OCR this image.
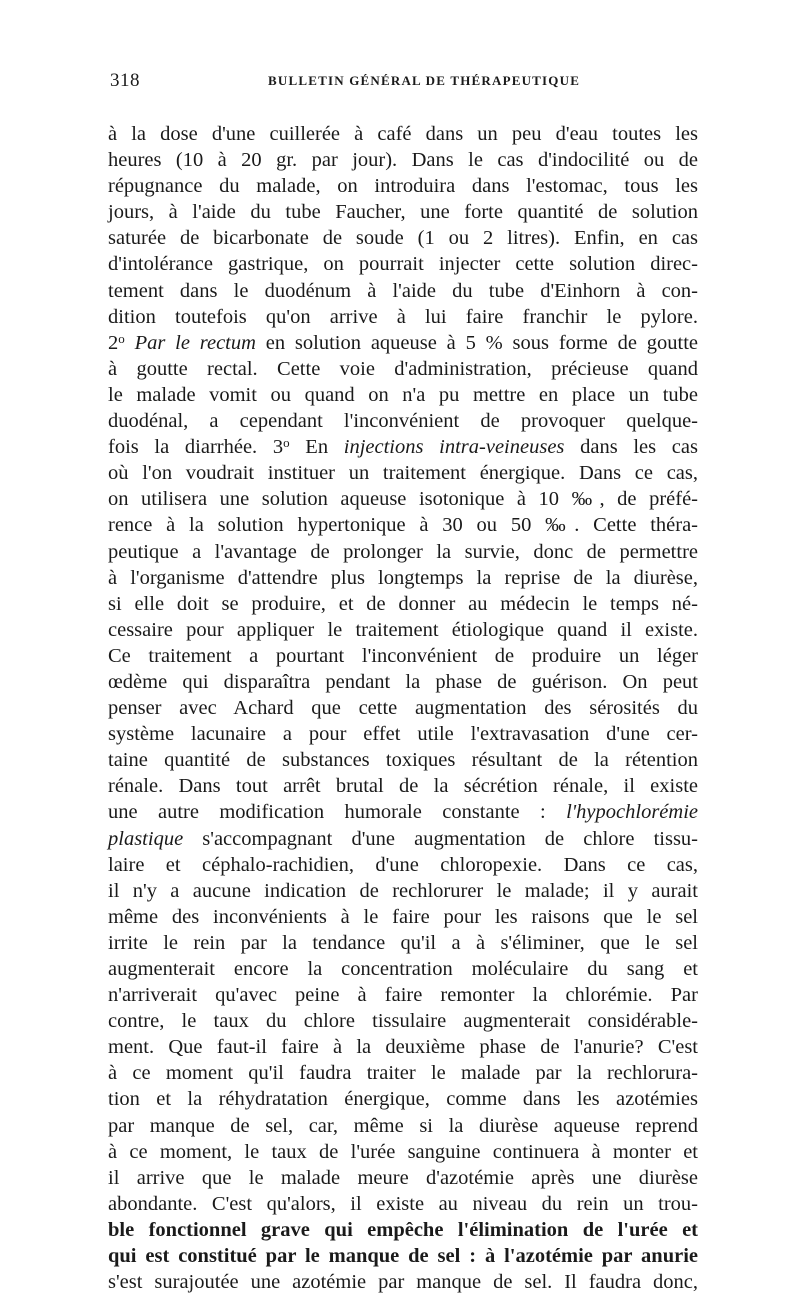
318	BULLETIN GÉNÉRAL DE THÉRAPEUTIQUE
à la dose d'une cuillerée à café dans un peu d'eau toutes les
heures (10 à 20 gr. par jour). Dans le cas d'indocilité ou de
répugnance du malade, on introduira dans l'estomac, tous les
jours, à l'aide du tube Faucher, une forte quantité de solution
saturée de bicarbonate de soude (1 ou 2 litres). Enfin, en cas
d'intolérance gastrique, on pourrait injecter cette solution direc-
tement dans le duodénum à l'aide du tube d'Einhorn à con-
dition toutefois qu'on arrive à lui faire franchir le pylore.
2$^o$ Par le rectum en solution aqueuse à 5 % sous forme de goutte
à goutte rectal. Cette voie d'administration, précieuse quand
le malade vomit ou quand on n'a pu mettre en place un tube
duodénal, a cependant l'inconvénient de provoquer quelque-
fois la diarrhée. 3$^o$ En injections intra-veineuses dans les cas
où l'on voudrait instituer un traitement énergique. Dans ce cas,
on utilisera une solution aqueuse isotonique à 10 ‰, de préfé-
rence à la solution hypertonique à 30 ou 50 ‰. Cette théra-
peutique a l'avantage de prolonger la survie, donc de permettre
à l'organisme d'attendre plus longtemps la reprise de la diurèse,
si elle doit se produire, et de donner au médecin le temps né-
cessaire pour appliquer le traitement étiologique quand il existe.
Ce traitement a pourtant l'inconvénient de produire un léger
œdème qui disparaîtra pendant la phase de guérison. On peut
penser avec Achard que cette augmentation des sérosités du
système lacunaire a pour effet utile l'extravasation d'une cer-
taine quantité de substances toxiques résultant de la rétention
rénale. Dans tout arrêt brutal de la sécrétion rénale, il existe
une autre modification humorale constante : l'hypochlorémie
plastique s'accompagnant d'une augmentation de chlore tissu-
laire et céphalo-rachidien, d'une chloropexie. Dans ce cas,
il n'y a aucune indication de rechlorurer le malade; il y aurait
même des inconvénients à le faire pour les raisons que le sel
irrite le rein par la tendance qu'il a à s'éliminer, que le sel
augmenterait encore la concentration moléculaire du sang et
n'arriverait qu'avec peine à faire remonter la chlorémie. Par
contre, le taux du chlore tissulaire augmenterait considérable-
ment. Que faut-il faire à la deuxième phase de l'anurie? C'est
à ce moment qu'il faudra traiter le malade par la rechlorura-
tion et la réhydratation énergique, comme dans les azotémies
par manque de sel, car, même si la diurèse aqueuse reprend
à ce moment, le taux de l'urée sanguine continuera à monter et
il arrive que le malade meure d'azotémie après une diurèse
abondante. C'est qu'alors, il existe au niveau du rein un trou-
ble fonctionnel grave qui empêche l'élimination de l'urée et
qui est constitué par le manque de sel : à l'azotémie par anurie
s'est surajoutée une azotémie par manque de sel. Il faudra donc,
